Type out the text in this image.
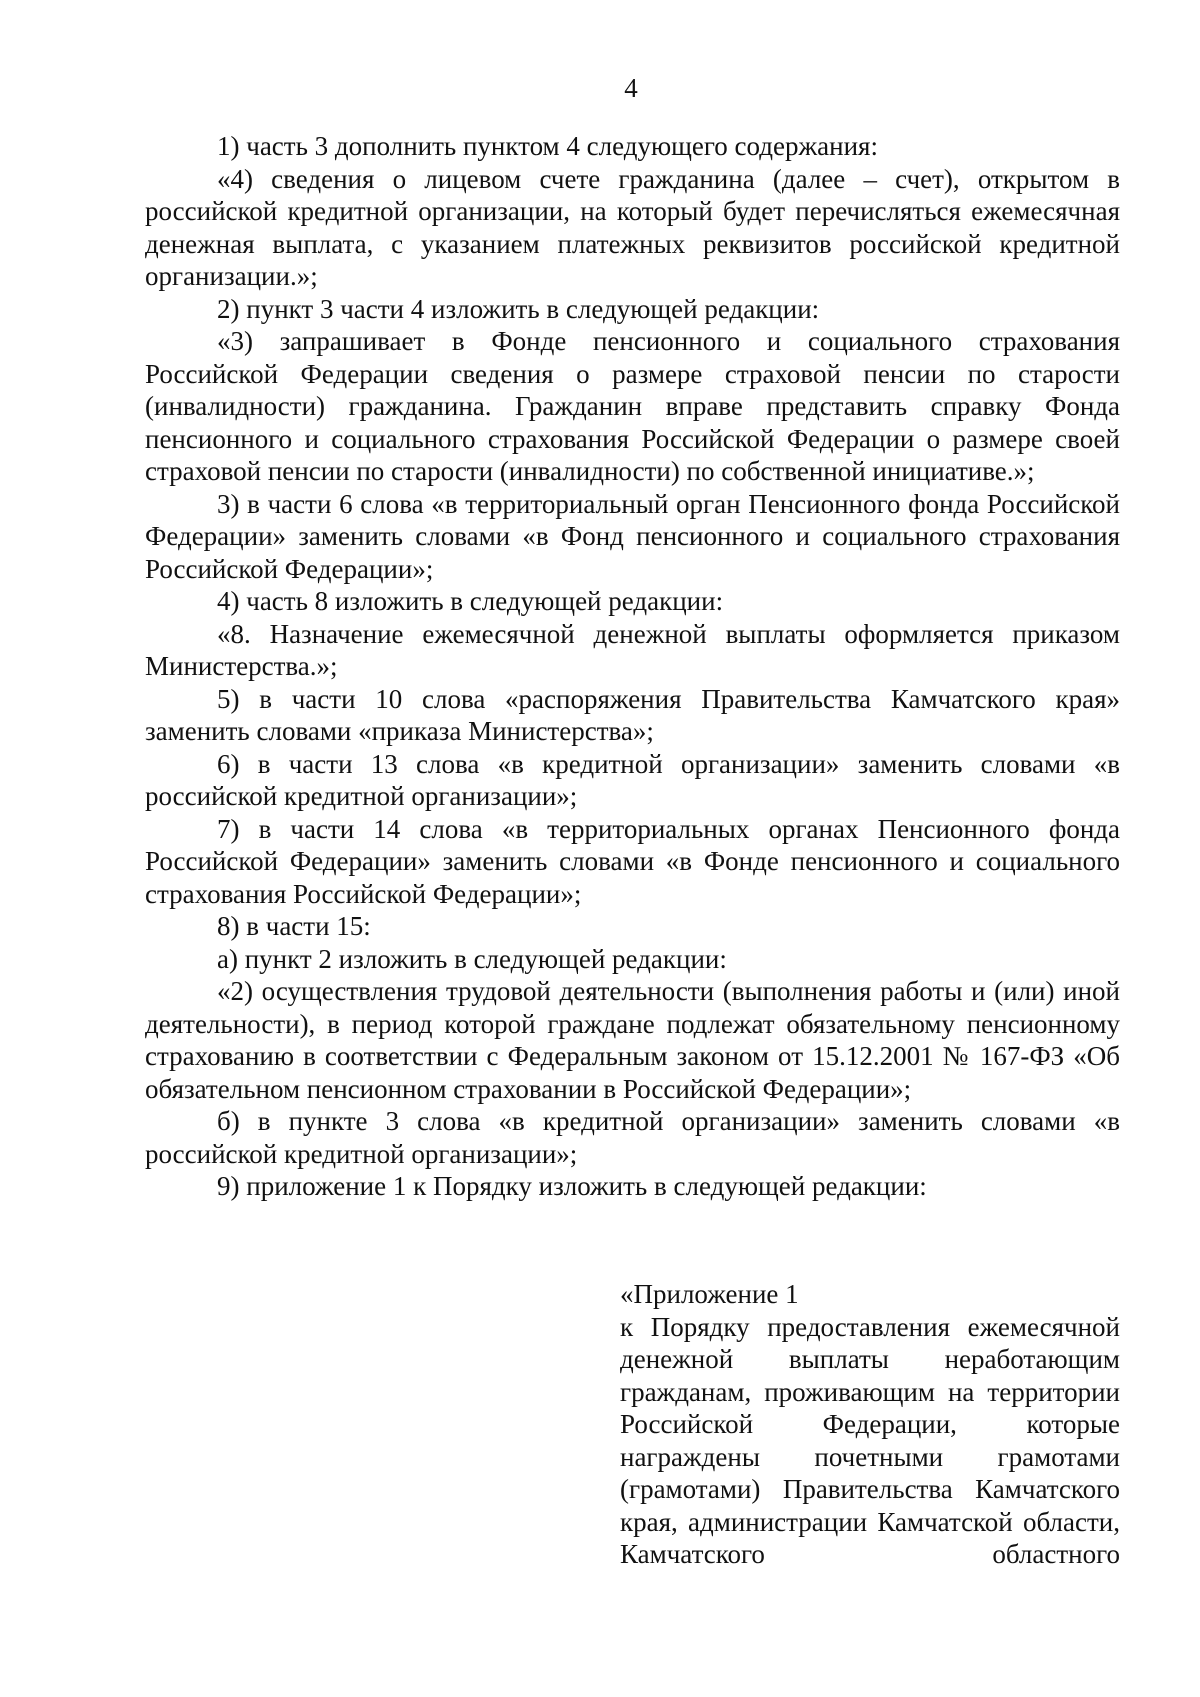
4

1) часть 3 дополнить пунктом 4 следующего содержания:

«4) сведения о лицевом счете гражданина (далее – счет), открытом в российской кредитной организации, на который будет перечисляться ежемесячная денежная выплата, с указанием платежных реквизитов российской кредитной организации.»;

2) пункт 3 части 4 изложить в следующей редакции:

«3) запрашивает в Фонде пенсионного и социального страхования Российской Федерации сведения о размере страховой пенсии по старости (инвалидности) гражданина. Гражданин вправе представить справку Фонда пенсионного и социального страхования Российской Федерации о размере своей страховой пенсии по старости (инвалидности) по собственной инициативе.»;

3) в части 6 слова «в территориальный орган Пенсионного фонда Российской Федерации» заменить словами «в Фонд пенсионного и социального страхования Российской Федерации»;

4) часть 8 изложить в следующей редакции:

«8. Назначение ежемесячной денежной выплаты оформляется приказом Министерства.»;

5) в части 10 слова «распоряжения Правительства Камчатского края» заменить словами «приказа Министерства»;

6) в части 13 слова «в кредитной организации» заменить словами «в российской кредитной организации»;

7) в части 14 слова «в территориальных органах Пенсионного фонда Российской Федерации» заменить словами «в Фонде пенсионного и социального страхования Российской Федерации»;

8) в части 15:

а) пункт 2 изложить в следующей редакции:

«2) осуществления трудовой деятельности (выполнения работы и (или) иной деятельности), в период которой граждане подлежат обязательному пенсионному страхованию в соответствии с Федеральным законом от 15.12.2001 № 167-ФЗ «Об обязательном пенсионном страховании в Российской Федерации»;

б) в пункте 3 слова «в кредитной организации» заменить словами «в российской кредитной организации»;

9) приложение 1 к Порядку изложить в следующей редакции:

«Приложение 1

к Порядку предоставления ежемесячной денежной выплаты неработающим гражданам, проживающим на территории Российской Федерации, которые награждены почетными грамотами (грамотами) Правительства Камчатского края, администрации Камчатской области, Камчатского областного
